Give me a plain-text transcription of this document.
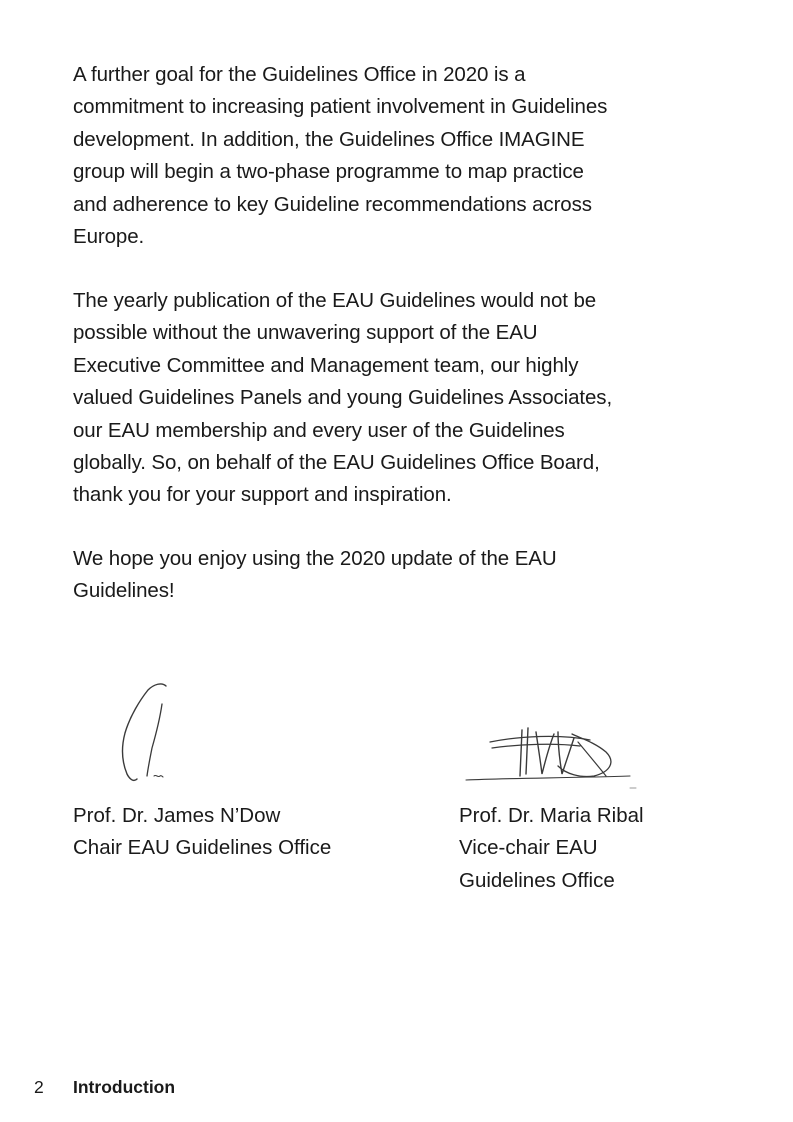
A further goal for the Guidelines Office in 2020 is a
commitment to increasing patient involvement in Guidelines
development. In addition, the Guidelines Office IMAGINE
group will begin a two-phase programme to map practice
and adherence to key Guideline recommendations across
Europe.

The yearly publication of the EAU Guidelines would not be
possible without the unwavering support of the EAU
Executive Committee and Management team, our highly
valued Guidelines Panels and young Guidelines Associates,
our EAU membership and every user of the Guidelines
globally. So, on behalf of the EAU Guidelines Office Board,
thank you for your support and inspiration.

We hope you enjoy using the 2020 update of the EAU
Guidelines!

Prof. Dr. James N’Dow
Chair EAU Guidelines Office
Prof. Dr. Maria Ribal
Vice-chair EAU
Guidelines Office
2	Introduction
